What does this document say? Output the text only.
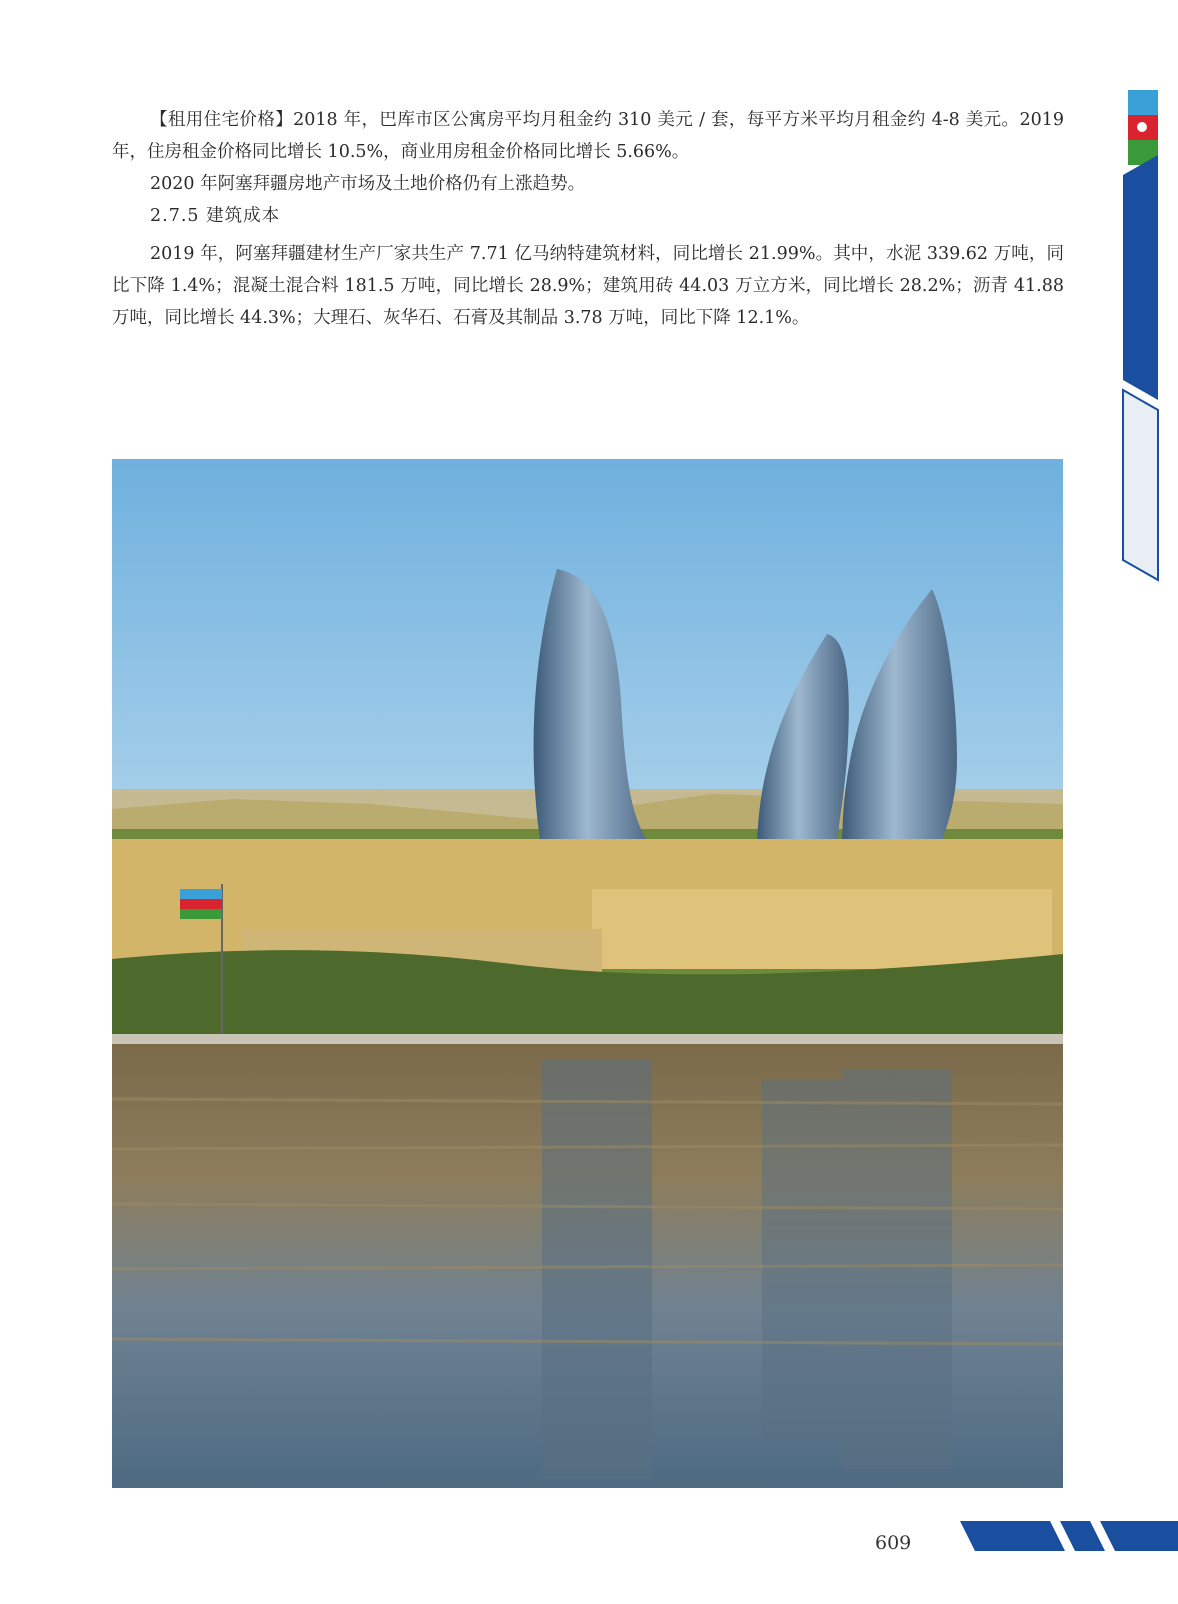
【租用住宅价格】2018 年，巴库市区公寓房平均月租金约 310 美元 / 套，每平方米平均月租金约 4-8 美元。2019 年，住房租金价格同比增长 10.5%，商业用房租金价格同比增长 5.66%。

2020 年阿塞拜疆房地产市场及土地价格仍有上涨趋势。

2.7.5 建筑成本

2019 年，阿塞拜疆建材生产厂家共生产 7.71 亿马纳特建筑材料，同比增长 21.99%。其中，水泥 339.62 万吨，同比下降 1.4%；混凝土混合料 181.5 万吨，同比增长 28.9%；建筑用砖 44.03 万立方米，同比增长 28.2%；沥青 41.88 万吨，同比增长 44.3%；大理石、灰华石、石膏及其制品 3.78 万吨，同比下降 12.1%。

609
